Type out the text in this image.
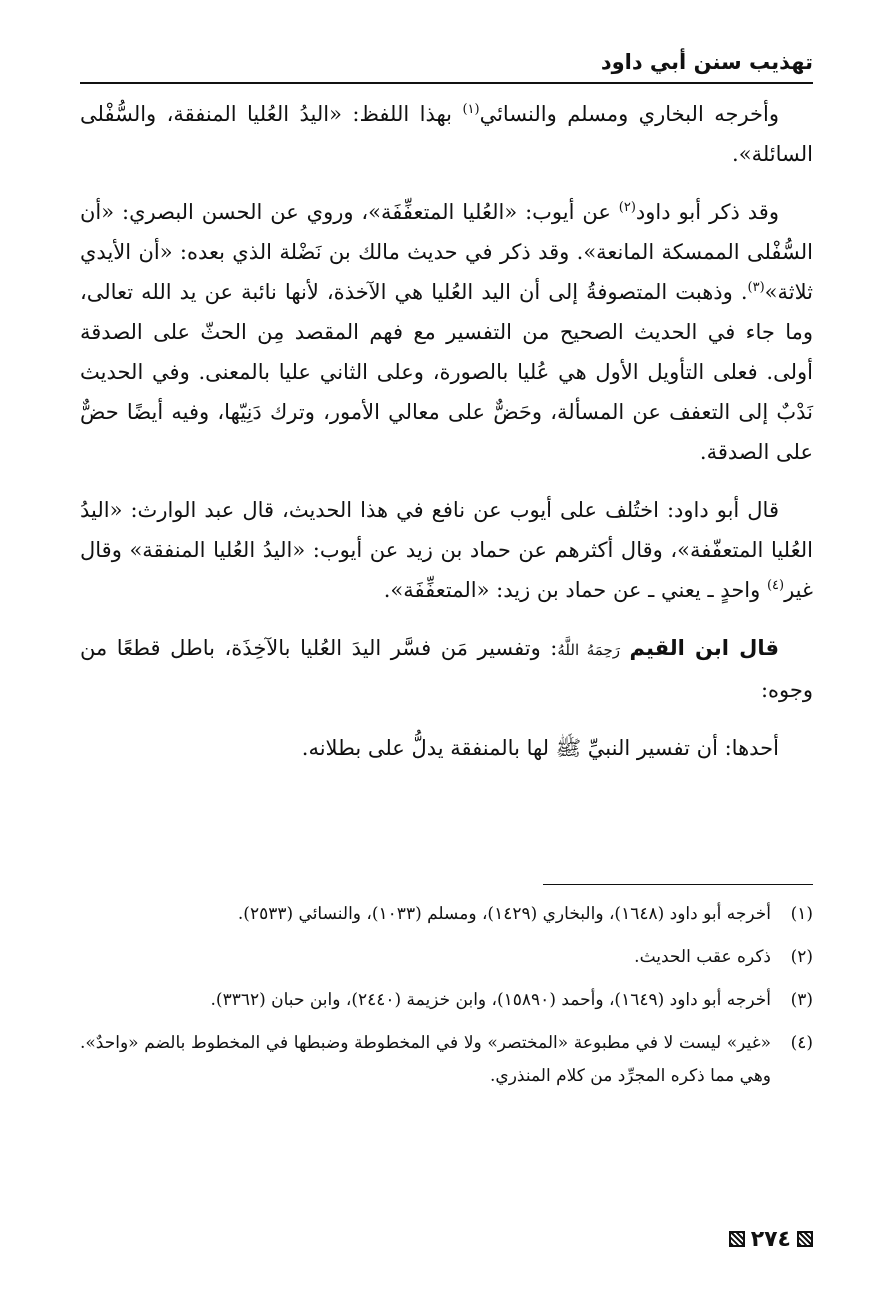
تهذيب سنن أبي داود

وأخرجه البخاري ومسلم والنسائي$^{(١)}$ بهذا اللفظ: «اليدُ العُليا المنفقة، والسُّفْلى السائلة».

وقد ذكر أبو داود$^{(٢)}$ عن أيوب: «العُليا المتعفِّفَة»، وروي عن الحسن البصري: «أن السُّفْلى الممسكة المانعة». وقد ذكر في حديث مالك بن نَضْلة الذي بعده: «أن الأيدي ثلاثة»$^{(٣)}$. وذهبت المتصوفةُ إلى أن اليد العُليا هي الآخذة، لأنها نائبة عن يد الله تعالى، وما جاء في الحديث الصحيح من التفسير مع فهم المقصد مِن الحثّ على الصدقة أولى. فعلى التأويل الأول هي عُليا بالصورة، وعلى الثاني عليا بالمعنى. وفي الحديث نَدْبٌ إلى التعفف عن المسألة، وحَضٌّ على معالي الأمور، وترك دَنِيّها، وفيه أيضًا حضٌّ على الصدقة.

قال أبو داود: اختُلف على أيوب عن نافع في هذا الحديث، قال عبد الوارث: «اليدُ العُليا المتعفّفة»، وقال أكثرهم عن حماد بن زيد عن أيوب: «اليدُ العُليا المنفقة» وقال غير$^{(٤)}$ واحدٍ ـ يعني ـ عن حماد بن زيد: «المتعفِّفَة».

قال ابن القيم رَحِمَهُ اللَّهُ: وتفسير مَن فسَّر اليدَ العُليا بالآخِذَة، باطل قطعًا من وجوه:

أحدها: أن تفسير النبيِّ ﷺ لها بالمنفقة يدلُّ على بطلانه.

(١)
أخرجه أبو داود (١٦٤٨)، والبخاري (١٤٢٩)، ومسلم (١٠٣٣)، والنسائي (٢٥٣٣).
(٢)
ذكره عقب الحديث.
(٣)
أخرجه أبو داود (١٦٤٩)، وأحمد (١٥٨٩٠)، وابن خزيمة (٢٤٤٠)، وابن حبان (٣٣٦٢).
(٤)
«غير» ليست لا في مطبوعة «المختصر» ولا في المخطوطة وضبطها في المخطوط بالضم «واحدٌ». وهي مما ذكره المجرِّد من كلام المنذري.
٢٧٤
